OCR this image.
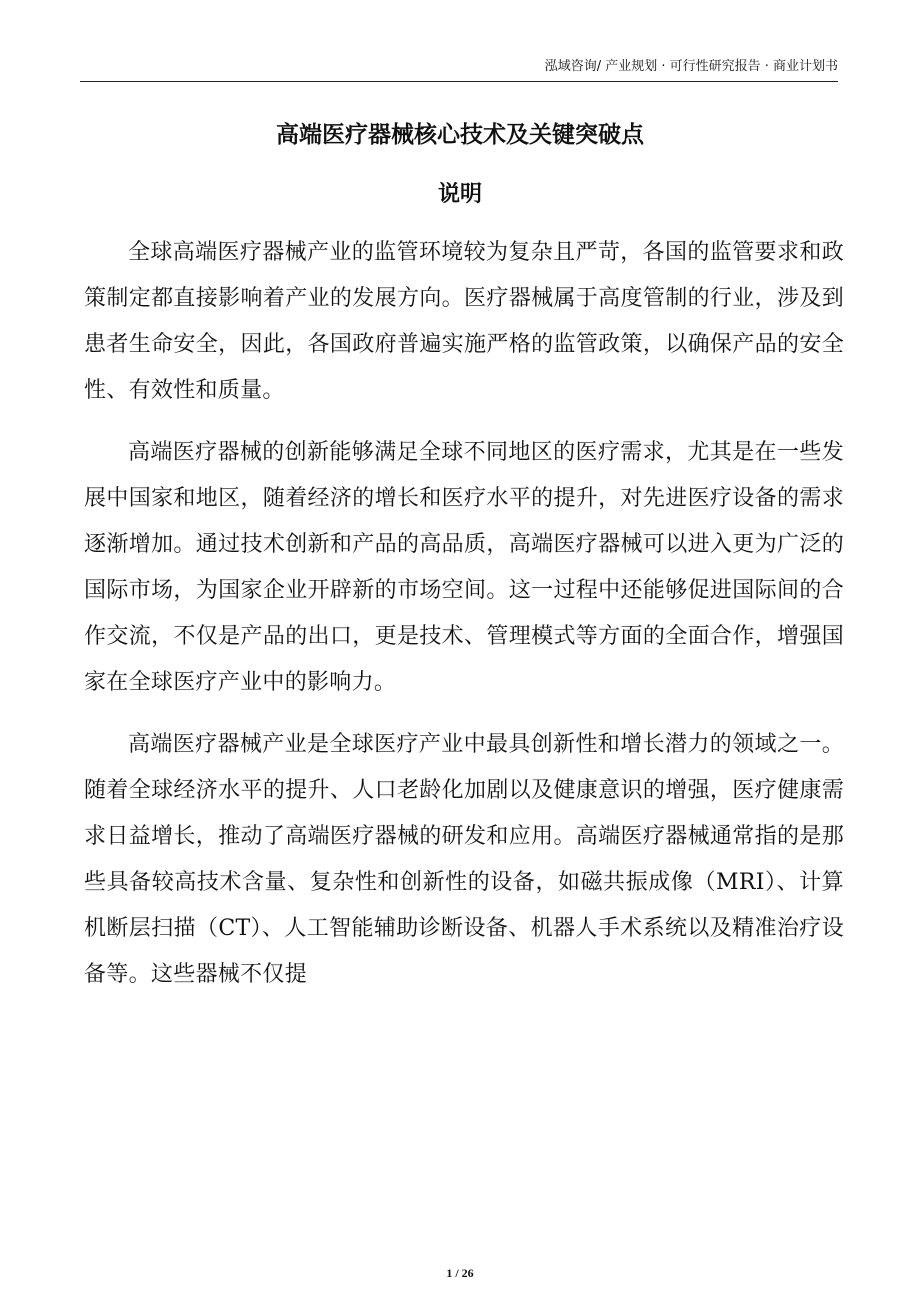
泓域咨询/ 产业规划 · 可行性研究报告 · 商业计划书
高端医疗器械核心技术及关键突破点
说明

全球高端医疗器械产业的监管环境较为复杂且严苛，各国的监管要求和政策制定都直接影响着产业的发展方向。医疗器械属于高度管制的行业，涉及到患者生命安全，因此，各国政府普遍实施严格的监管政策，以确保产品的安全性、有效性和质量。

高端医疗器械的创新能够满足全球不同地区的医疗需求，尤其是在一些发展中国家和地区，随着经济的增长和医疗水平的提升，对先进医疗设备的需求逐渐增加。通过技术创新和产品的高品质，高端医疗器械可以进入更为广泛的国际市场，为国家企业开辟新的市场空间。这一过程中还能够促进国际间的合作交流，不仅是产品的出口，更是技术、管理模式等方面的全面合作，增强国家在全球医疗产业中的影响力。

高端医疗器械产业是全球医疗产业中最具创新性和增长潜力的领域之一。随着全球经济水平的提升、人口老龄化加剧以及健康意识的增强，医疗健康需求日益增长，推动了高端医疗器械的研发和应用。高端医疗器械通常指的是那些具备较高技术含量、复杂性和创新性的设备，如磁共振成像（MRI）、计算机断层扫描（CT）、人工智能辅助诊断设备、机器人手术系统以及精准治疗设备等。这些器械不仅提

1 / 26
